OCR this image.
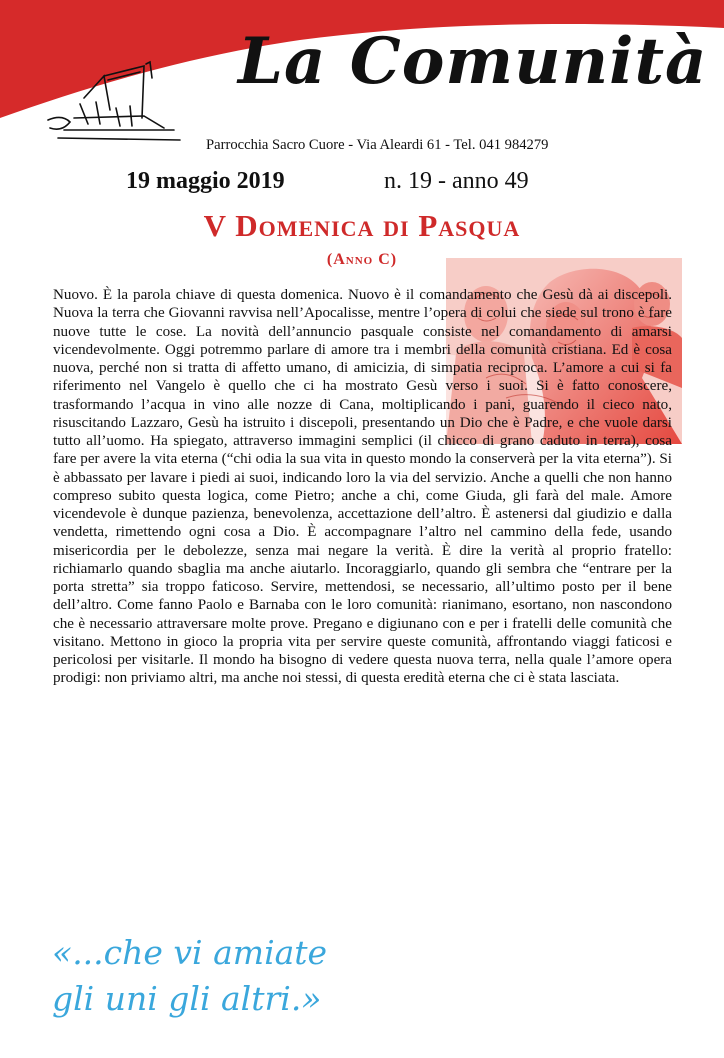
La Comunità
Parrocchia Sacro Cuore - Via Aleardi 61 - Tel. 041 984279
19 maggio 2019	n. 19 - anno 49
V Domenica di Pasqua
(Anno C)
Nuovo. È la parola chiave di questa domenica. Nuovo è il comandamento che Gesù dà ai discepoli. Nuova la terra che Giovanni ravvisa nell’Apocalisse, mentre l’opera di colui che siede sul trono è fare nuove tutte le cose. La novità dell’annuncio pasquale consiste nel comandamento di amarsi vicendevolmente. Oggi potremmo parlare di amore tra i membri della comunità cristiana. Ed è cosa nuova, perché non si tratta di affetto umano, di amicizia, di simpatia reciproca. L’amore a cui si fa riferimento nel Vangelo è quello che ci ha mostrato Gesù verso i suoi. Si è fatto conoscere, trasformando l’acqua in vino alle nozze di Cana, moltiplicando i pani, guarendo il cieco nato, risuscitando Lazzaro, Gesù ha istruito i discepoli, presentando un Dio che è Padre, e che vuole darsi tutto all’uomo. Ha spiegato, attraverso immagini semplici (il chicco di grano caduto in terra), cosa fare per avere la vita eterna (“chi odia la sua vita in questo mondo la conserverà per la vita eterna”). Si è abbassato per lavare i piedi ai suoi, indicando loro la via del servizio. Anche a quelli che non hanno compreso subito questa logica, come Pietro; anche a chi, come Giuda, gli farà del male. Amore vicendevole è dunque pazienza, benevolenza, accettazione dell’altro. È astenersi dal giudizio e dalla vendetta, rimettendo ogni cosa a Dio. È accompagnare l’altro nel cammino della fede, usando misericordia per le debolezze, senza mai negare la verità. È dire la verità al proprio fratello: richiamarlo quando sbaglia ma anche aiutarlo. Incoraggiarlo, quando gli sembra che “entrare per la porta stretta” sia troppo faticoso. Servire, mettendosi, se necessario, all’ultimo posto per il bene dell’altro. Come fanno Paolo e Barnaba con le loro comunità: rianimano, esortano, non nascondono che è necessario attraversare molte prove. Pregano e digiunano con e per i fratelli delle comunità che visitano. Mettono in gioco la propria vita per servire queste comunità, affrontando viaggi faticosi e pericolosi per visitarle. Il mondo ha bisogno di vedere questa nuova terra, nella quale l’amore opera prodigi: non priviamo altri, ma anche noi stessi, di questa eredità eterna che ci è stata lasciata.
«...che vi amiate
gli uni gli altri.»
